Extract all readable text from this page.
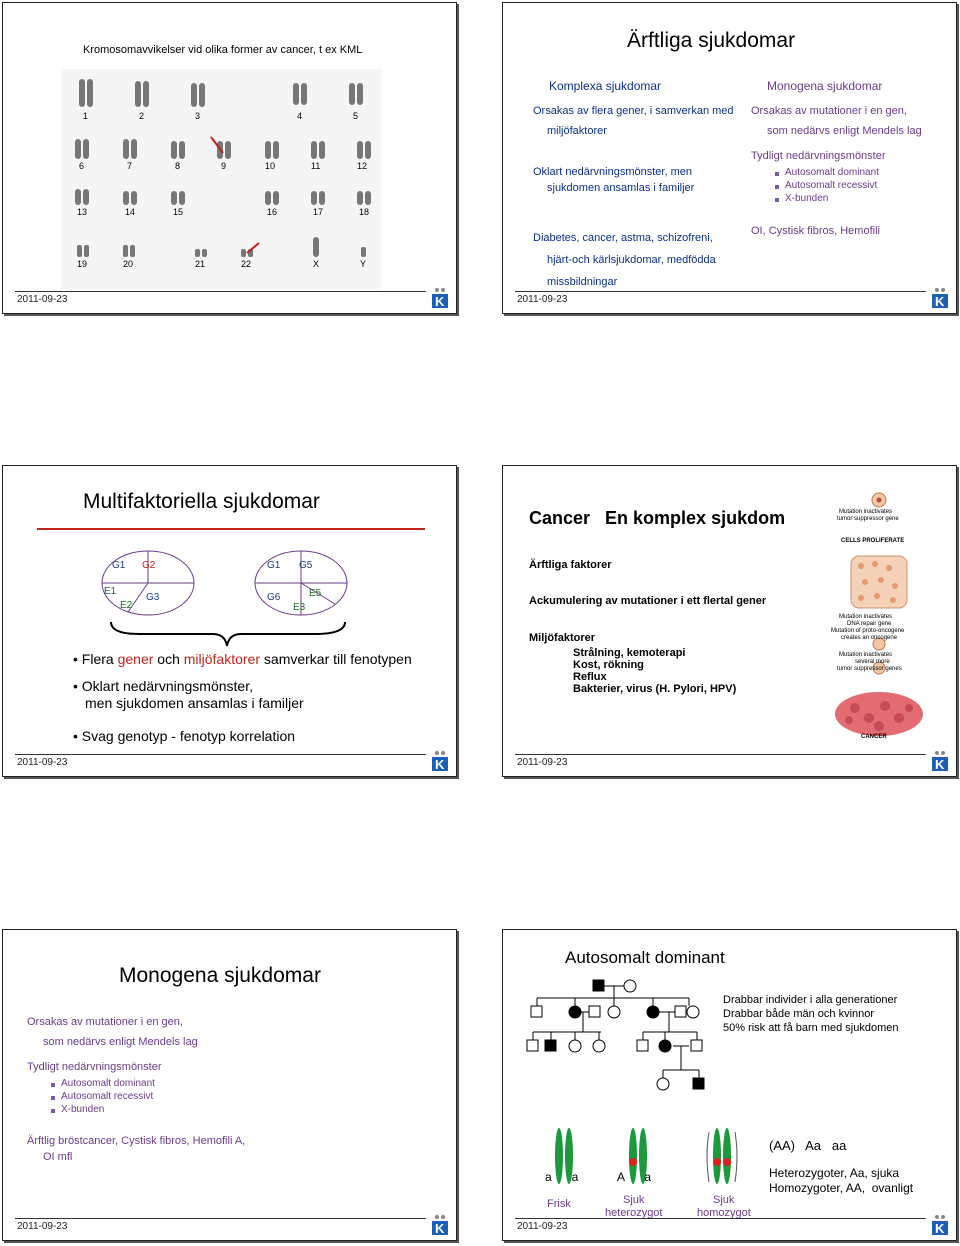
Kromosomavvikelser vid olika former av cancer, t ex KML
1	2	3	4	5
6	7	8	9	10	11	12
13	14	15	16	17	18
19	20	21	22	X	Y
2011-09-23	K
Ärftliga sjukdomar
Komplexa sjukdomar
Orsakas av flera gener, i samverkan med
miljöfaktorer
Oklart nedärvningsmönster, men
sjukdomen ansamlas i familjer
Diabetes, cancer, astma, schizofreni,
hjärt-och kärlsjukdomar, medfödda
missbildningar
Monogena sjukdomar
Orsakas av mutationer i en gen,
som nedärvs enligt Mendels lag
Tydligt nedärvningsmönster
Autosomalt dominant
Autosomalt recessivt
X-bunden
OI, Cystisk fibros, Hemofili
2011-09-23	K
Multifaktoriella sjukdomar
G1 G2
E1
E2
G3
G1 G5
G6	E5
E3
• Flera gener och miljöfaktorer samverkar till fenotypen
• Oklart nedärvningsmönster,
men sjukdomen ansamlas i familjer
• Svag genotyp - fenotyp korrelation
2011-09-23	K
Cancer   En komplex sjukdom
Ärftliga faktorer
Ackumulering av mutationer i ett flertal gener
Miljöfaktorer
Strålning, kemoterapi
Kost, rökning
Reflux
Bakterier, virus (H. Pylori, HPV)
Mutation inactivates
tumor suppressor gene
CELLS PROLIFERATE
Mutation inactivates
DNA repair gene
Mutation of proto-oncogene
creates an oncogene
Mutation inactivates
several more
tumor suppressor genes
CANCER
2011-09-23	K
Monogena sjukdomar
Orsakas av mutationer i en gen,
som nedärvs enligt Mendels lag
Tydligt nedärvningsmönster
Autosomalt dominant
Autosomalt recessivt
X-bunden
Ärftlig bröstcancer, Cystisk fibros, Hemofili A,
OI mfl
2011-09-23	K
Autosomalt dominant
Drabbar individer i alla generationer
Drabbar både män och kvinnor
50% risk att få barn med sjukdomen
a      a
Frisk
A      a
Sjuk
heterozygot
Sjuk
homozygot
(AA)   Aa   aa
Heterozygoter, Aa, sjuka
Homozygoter, AA,  ovanligt
2011-09-23	K
